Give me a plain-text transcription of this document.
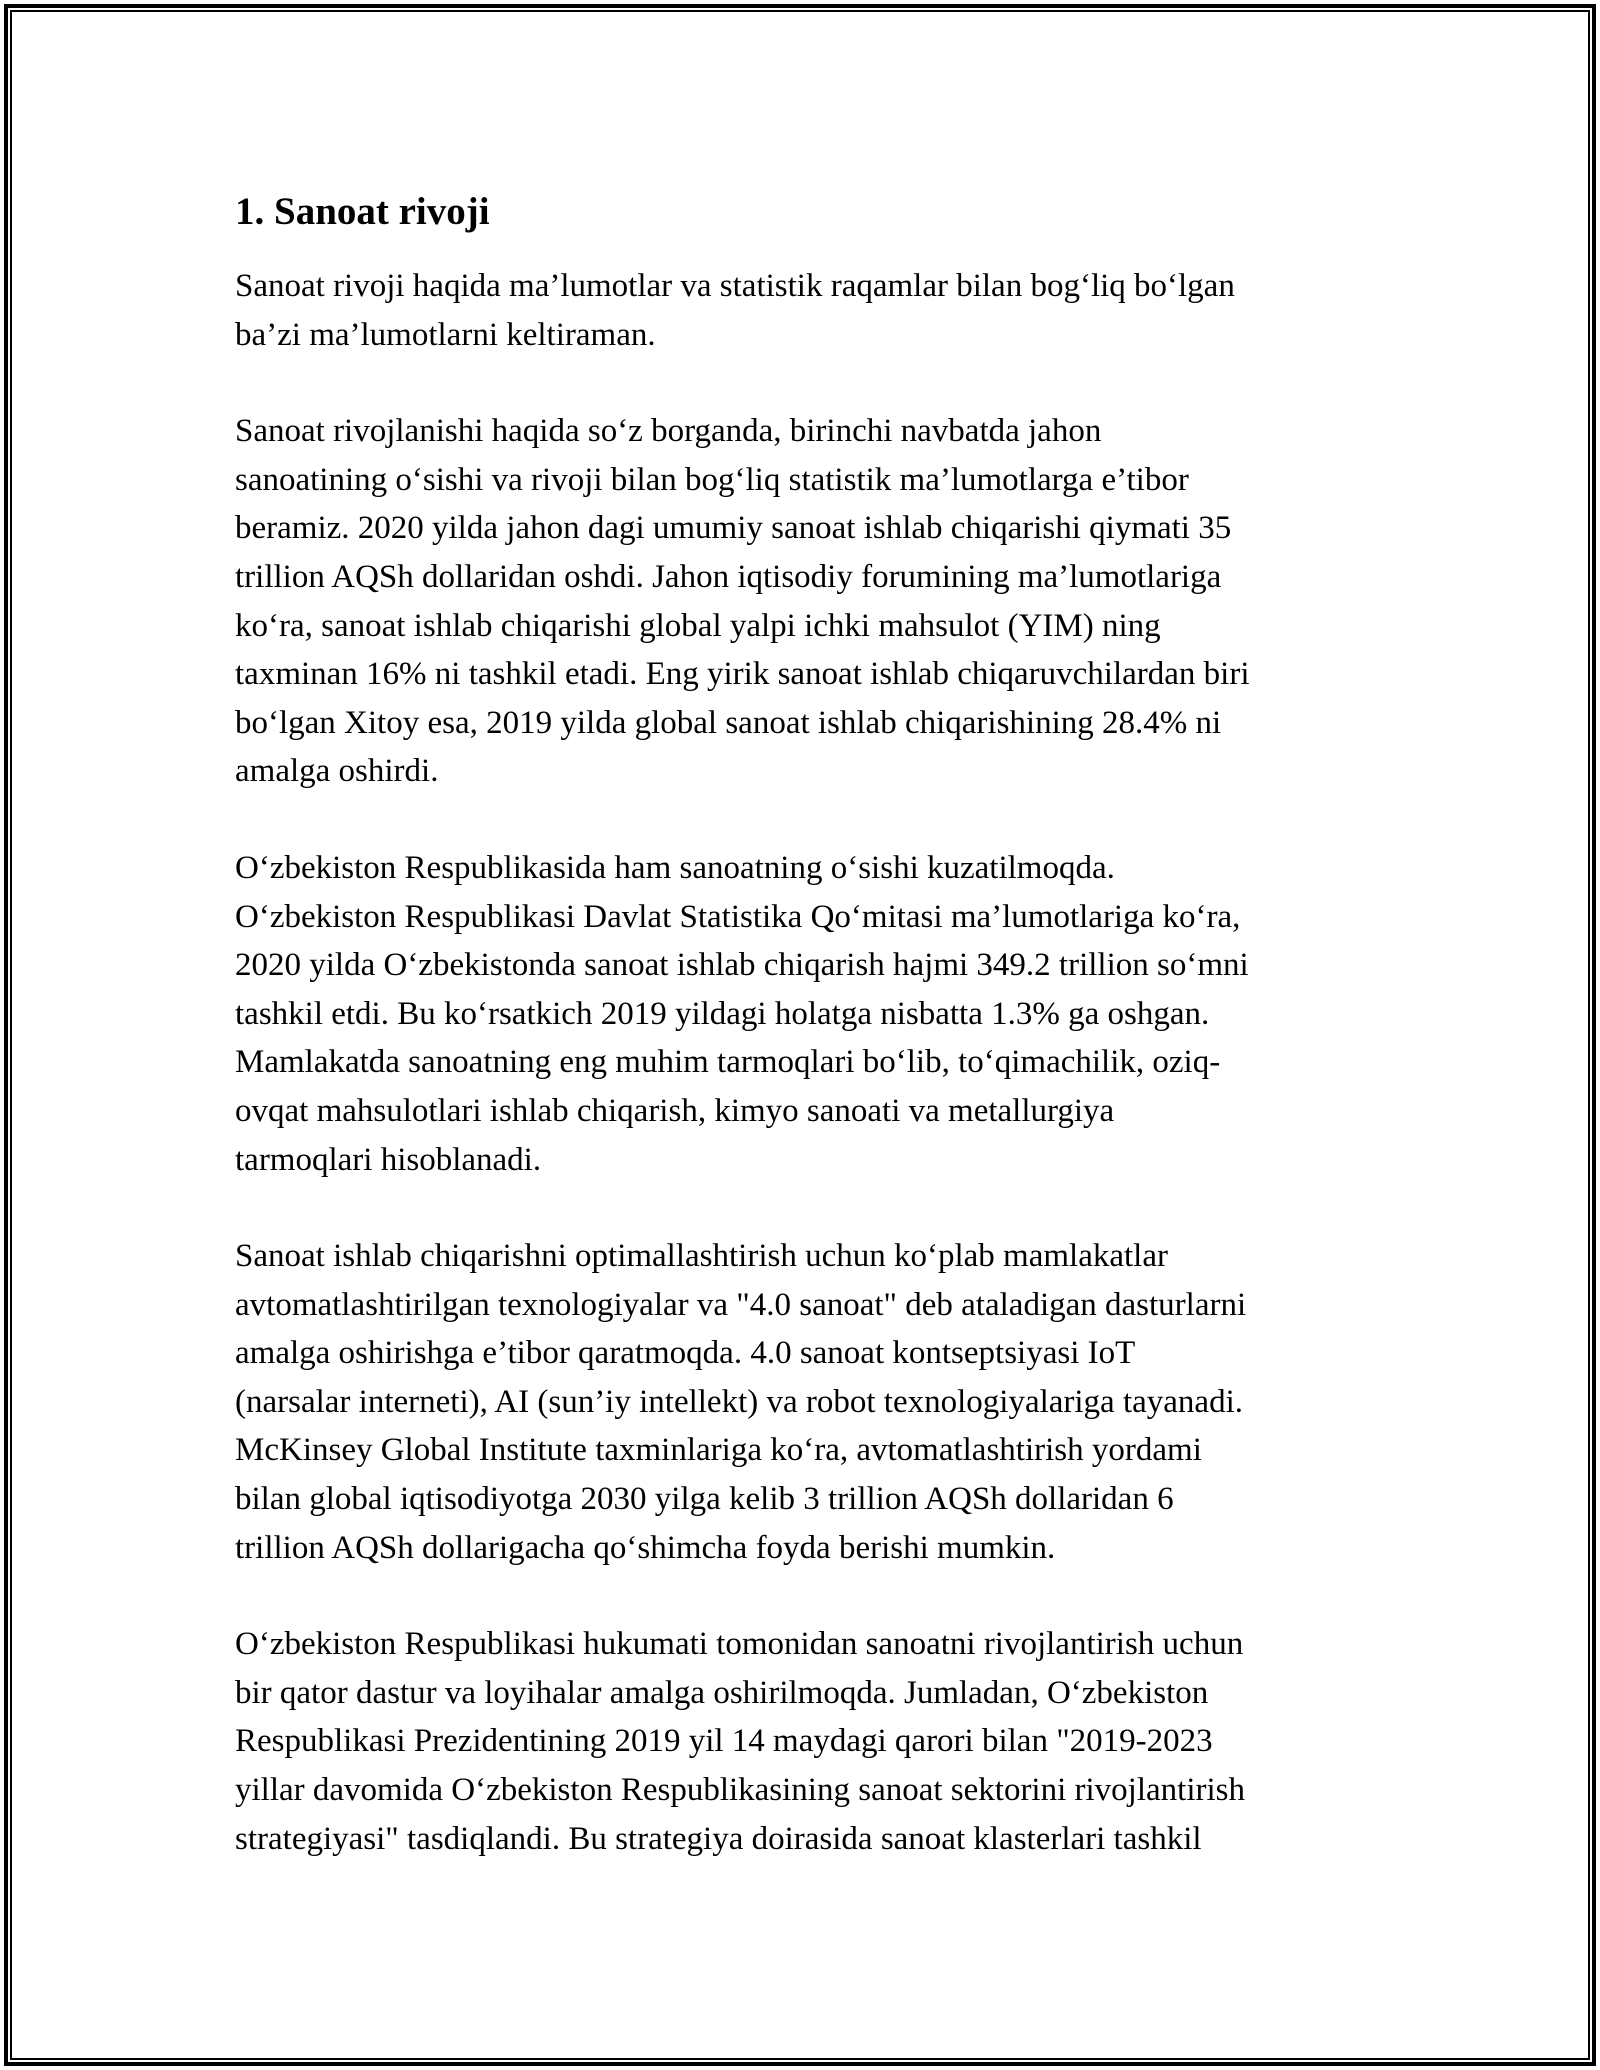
1. Sanoat rivoji

Sanoat rivoji haqida ma’lumotlar va statistik raqamlar bilan bog‘liq bo‘lgan
ba’zi ma’lumotlarni keltiraman.

Sanoat rivojlanishi haqida so‘z borganda, birinchi navbatda jahon
sanoatining o‘sishi va rivoji bilan bog‘liq statistik ma’lumotlarga e’tibor
beramiz. 2020 yilda jahon dagi umumiy sanoat ishlab chiqarishi qiymati 35
trillion AQSh dollaridan oshdi. Jahon iqtisodiy forumining ma’lumotlariga
ko‘ra, sanoat ishlab chiqarishi global yalpi ichki mahsulot (YIM) ning
taxminan 16% ni tashkil etadi. Eng yirik sanoat ishlab chiqaruvchilardan biri
bo‘lgan Xitoy esa, 2019 yilda global sanoat ishlab chiqarishining 28.4% ni
amalga oshirdi.

O‘zbekiston Respublikasida ham sanoatning o‘sishi kuzatilmoqda.
O‘zbekiston Respublikasi Davlat Statistika Qo‘mitasi ma’lumotlariga ko‘ra,
2020 yilda O‘zbekistonda sanoat ishlab chiqarish hajmi 349.2 trillion so‘mni
tashkil etdi. Bu ko‘rsatkich 2019 yildagi holatga nisbatta 1.3% ga oshgan.
Mamlakatda sanoatning eng muhim tarmoqlari bo‘lib, to‘qimachilik, oziq-
ovqat mahsulotlari ishlab chiqarish, kimyo sanoati va metallurgiya
tarmoqlari hisoblanadi.

Sanoat ishlab chiqarishni optimallashtirish uchun ko‘plab mamlakatlar
avtomatlashtirilgan texnologiyalar va "4.0 sanoat" deb ataladigan dasturlarni
amalga oshirishga e’tibor qaratmoqda. 4.0 sanoat kontseptsiyasi IoT
(narsalar interneti), AI (sun’iy intellekt) va robot texnologiyalariga tayanadi.
McKinsey Global Institute taxminlariga ko‘ra, avtomatlashtirish yordami
bilan global iqtisodiyotga 2030 yilga kelib 3 trillion AQSh dollaridan 6
trillion AQSh dollarigacha qo‘shimcha foyda berishi mumkin.

O‘zbekiston Respublikasi hukumati tomonidan sanoatni rivojlantirish uchun
bir qator dastur va loyihalar amalga oshirilmoqda. Jumladan, O‘zbekiston
Respublikasi Prezidentining 2019 yil 14 maydagi qarori bilan "2019-2023
yillar davomida O‘zbekiston Respublikasining sanoat sektorini rivojlantirish
strategiyasi" tasdiqlandi. Bu strategiya doirasida sanoat klasterlari tashkil
